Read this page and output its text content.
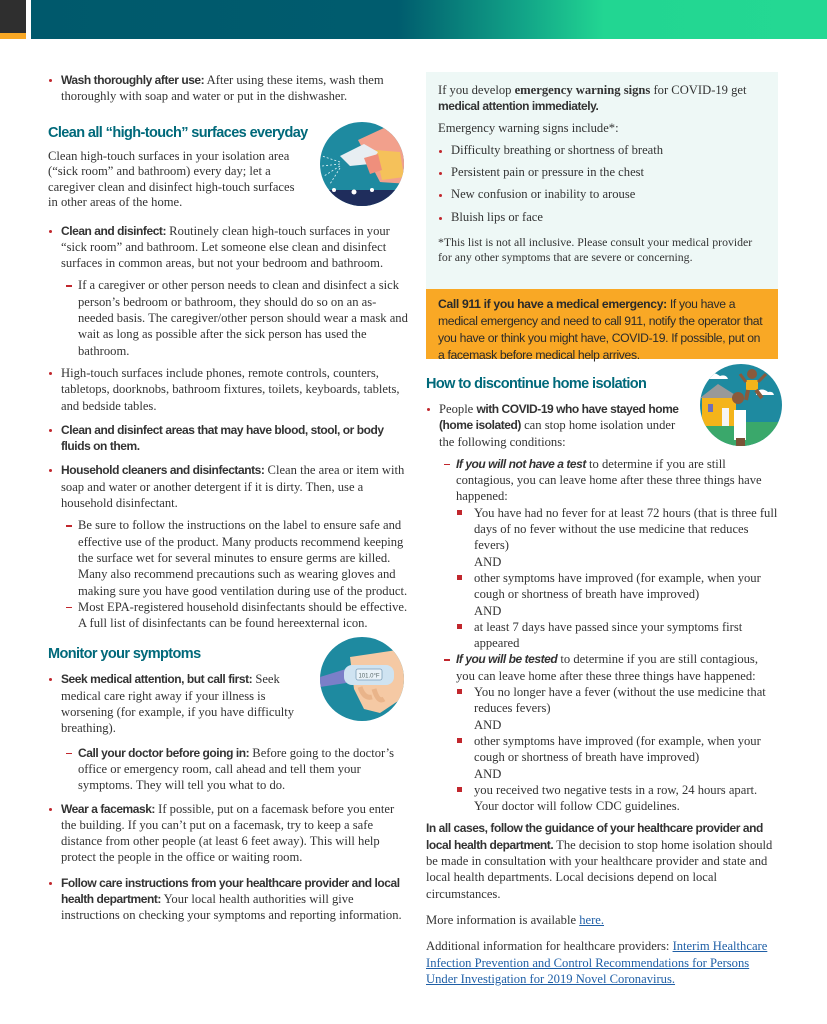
Wash thoroughly after use: After using these items, wash them thoroughly with soap and water or put in the dishwasher.
Clean all “high-touch” surfaces everyday

Clean high-touch surfaces in your isolation area (“sick room” and bathroom) every day; let a caregiver clean and disinfect high-touch surfaces in other areas of the home.

Clean and disinfect: Routinely clean high-touch surfaces in your “sick room” and bathroom. Let someone else clean and disinfect surfaces in common areas, but not your bedroom and bathroom.
If a caregiver or other person needs to clean and disinfect a sick person’s bedroom or bathroom, they should do so on an as-needed basis. The caregiver/other person should wear a mask and wait as long as possible after the sick person has used the bathroom.
High-touch surfaces include phones, remote controls, counters, tabletops, doorknobs, bathroom fixtures, toilets, keyboards, tablets, and bedside tables.
Clean and disinfect areas that may have blood, stool, or body fluids on them.
Household cleaners and disinfectants: Clean the area or item with soap and water or another detergent if it is dirty. Then, use a household disinfectant.
Be sure to follow the instructions on the label to ensure safe and effective use of the product. Many products recommend keeping the surface wet for several minutes to ensure germs are killed. Many also recommend precautions such as wearing gloves and making sure you have good ventilation during use of the product.
Most EPA-registered household disinfectants should be effective. A full list of disinfectants can be found hereexternal icon.
Monitor your symptoms
101.0°F
Seek medical attention, but call first: Seek medical care right away if your illness is worsening (for example, if you have difficulty breathing).
Call your doctor before going in: Before going to the doctor’s office or emergency room, call ahead and tell them your symptoms. They will tell you what to do.
Wear a facemask: If possible, put on a facemask before you enter the building. If you can’t put on a facemask, try to keep a safe distance from other people (at least 6 feet away). This will help protect the people in the office or waiting room.
Follow care instructions from your healthcare provider and local health department: Your local health authorities will give instructions on checking your symptoms and reporting information.

If you develop emergency warning signs for COVID-19 get medical attention immediately.

Emergency warning signs include*:

Difficulty breathing or shortness of breath
Persistent pain or pressure in the chest
New confusion or inability to arouse
Bluish lips or face

*This list is not all inclusive. Please consult your medical provider for any other symptoms that are severe or concerning.

Call 911 if you have a medical emergency: If you have a medical emergency and need to call 911, notify the operator that you have or think you might have, COVID-19. If possible, put on a facemask before medical help arrives.
How to discontinue home isolation
People with COVID-19 who have stayed home (home isolated) can stop home isolation under the following conditions:
If you will not have a test to determine if you are still contagious, you can leave home after these three things have happened:
You have had no fever for at least 72 hours (that is three full days of no fever without the use medicine that reduces fevers)
AND
other symptoms have improved (for example, when your cough or shortness of breath have improved)
AND
at least 7 days have passed since your symptoms first appeared
If you will be tested to determine if you are still contagious, you can leave home after these three things have happened:
You no longer have a fever (without the use medicine that reduces fevers)
AND
other symptoms have improved (for example, when your cough or shortness of breath have improved)
AND
you received two negative tests in a row, 24 hours apart. Your doctor will follow CDC guidelines.

In all cases, follow the guidance of your healthcare provider and local health department. The decision to stop home isolation should be made in consultation with your healthcare provider and state and local health departments. Local decisions depend on local circumstances.

More information is available here.

Additional information for healthcare providers: Interim Healthcare Infection Prevention and Control Recommendations for Persons Under Investigation for 2019 Novel Coronavirus.
